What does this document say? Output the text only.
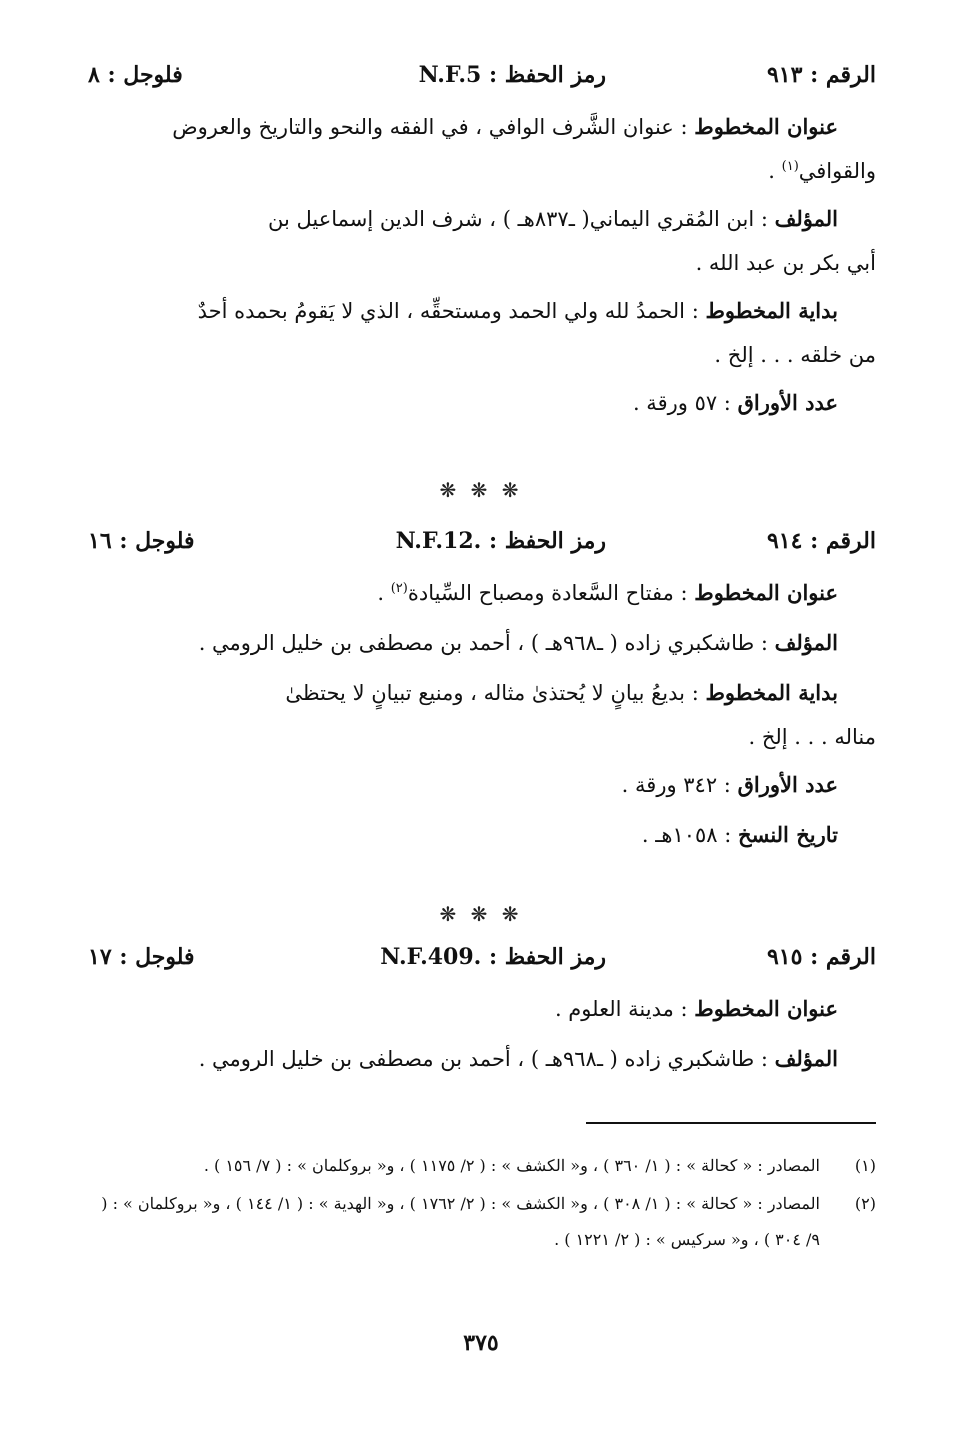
الرقم : ٩١٣
رمز الحفظ : N.F.5
فلوجل : ٨
عنوان المخطوط : عنوان الشَّرف الوافي ، في الفقه والنحو والتاريخ والعروض
والقوافي$^{(١)}$ .
المؤلف : ابن المُقري اليماني( ـ٨٣٧هـ ) ، شرف الدين إسماعيل بن
أبي بكر بن عبد الله .
بداية المخطوط : الحمدُ لله ولي الحمد ومستحقِّه ، الذي لا يَقومُ بحمده أحدٌ
من خلقه . . . إلخ .
عدد الأوراق : ٥٧ ورقة .
❋ ❋ ❋
الرقم : ٩١٤
رمز الحفظ : N.F.12.
فلوجل : ١٦
عنوان المخطوط : مفتاح السَّعادة ومصباح السِّيادة$^{(٢)}$ .
المؤلف : طاشكبري زاده ( ـ٩٦٨هـ ) ، أحمد بن مصطفى بن خليل الرومي .
بداية المخطوط : بديعُ بيانٍ لا يُحتذىٰ مثاله ، ومنيع تبيانٍ لا يحتظىٰ
مناله . . . إلخ .
عدد الأوراق : ٣٤٢ ورقة .
تاريخ النسخ : ١٠٥٨هـ .
❋ ❋ ❋
الرقم : ٩١٥
رمز الحفظ : N.F.409.
فلوجل : ١٧
عنوان المخطوط : مدينة العلوم .
المؤلف : طاشكبري زاده ( ـ٩٦٨هـ ) ، أحمد بن مصطفى بن خليل الرومي .
(١)
المصادر : « كحالة » : ( ١/ ٣٦٠ ) ، و« الكشف » : ( ٢/ ١١٧٥ ) ، و« بروكلمان » : ( ٧/ ١٥٦ ) .
(٢)
المصادر : « كحالة » : ( ١/ ٣٠٨ ) ، و« الكشف » : ( ٢/ ١٧٦٢ ) ، و« الهدية » : ( ١/ ١٤٤ ) ، و« بروكلمان » : ( ٩/ ٣٠٤ ) ، و« سركيس » : ( ٢/ ١٢٢١ ) .
٣٧٥
